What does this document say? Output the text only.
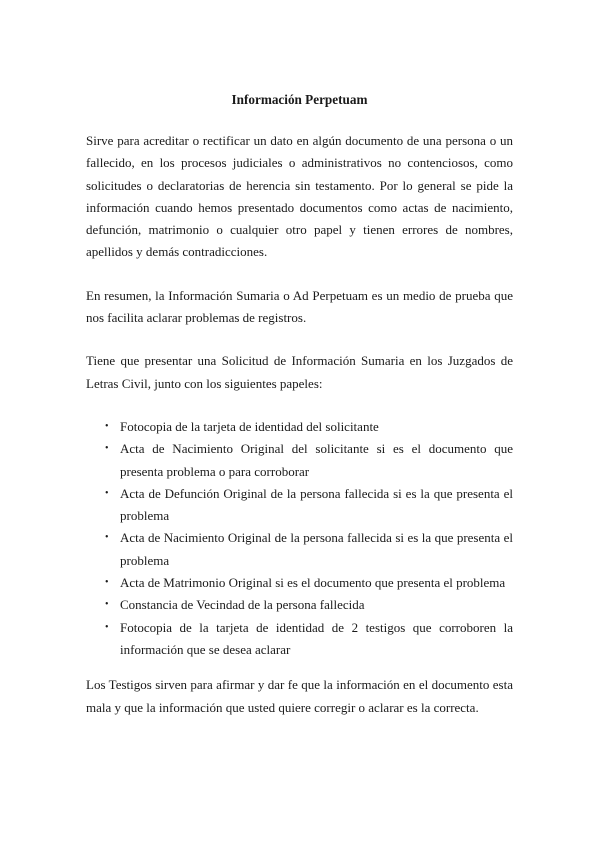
Información Perpetuam

Sirve para acreditar o rectificar un dato en algún documento de una persona o un fallecido, en los procesos judiciales o administrativos no contenciosos, como solicitudes o declaratorias de herencia sin testamento. Por lo general se pide la información cuando hemos presentado documentos como actas de nacimiento, defunción, matrimonio o cualquier otro papel y tienen errores de nombres, apellidos y demás contradicciones.

En resumen, la Información Sumaria o Ad Perpetuam es un medio de prueba que nos facilita aclarar problemas de registros.

Tiene que presentar una Solicitud de Información Sumaria en los Juzgados de Letras Civil, junto con los siguientes papeles:

• Fotocopia de la tarjeta de identidad del solicitante
• Acta de Nacimiento Original del solicitante si es el documento que presenta problema o para corroborar
• Acta de Defunción Original de la persona fallecida si es la que presenta el problema
• Acta de Nacimiento Original de la persona fallecida si es la que presenta el problema
• Acta de Matrimonio Original si es el documento que presenta el problema
• Constancia de Vecindad de la persona fallecida
• Fotocopia de la tarjeta de identidad de 2 testigos que corroboren la información que se desea aclarar

Los Testigos sirven para afirmar y dar fe que la información en el documento esta mala y que la información que usted quiere corregir o aclarar es la correcta.
